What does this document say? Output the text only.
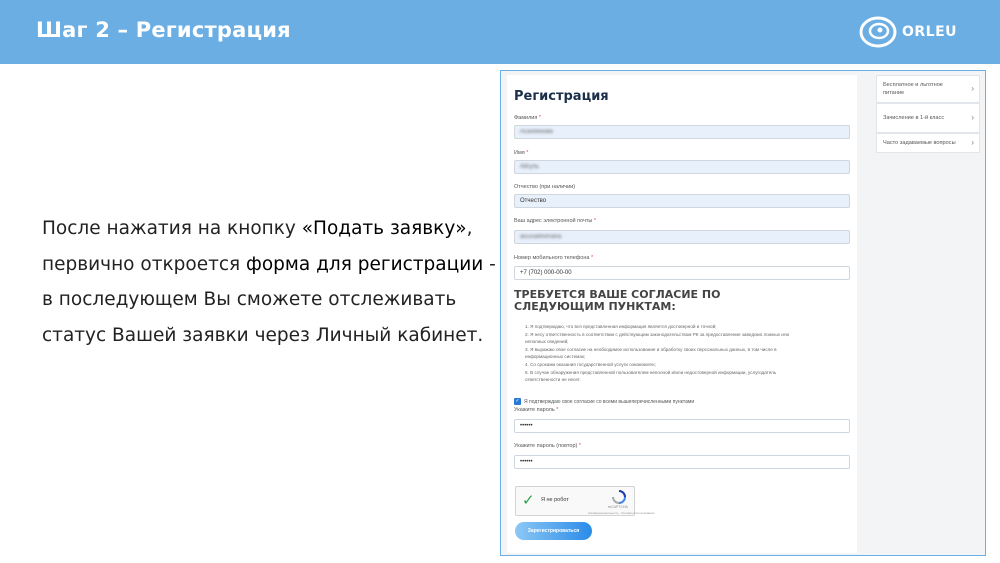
Шаг 2 – Регистрация	ORLEU
После нажатия на кнопку «Подать заявку»,
первично откроется форма для регистрации -
в последующем Вы сможете отслеживать
статус Вашей заявки через Личный кабинет.
Регистрация
Фамилия *
Асанбекова
Имя *
Айгуль
Отчество (при наличии)
Отчество
Ваш адрес электронной почты *
aicusaifinimaria
Номер мобильного телефона *
+7 (702) 000-00-00
ТРЕБУЕТСЯ ВАШЕ СОГЛАСИЕ ПО СЛЕДУЮЩИМ ПУНКТАМ:
1. Я подтверждаю, что вся представленная информация является достоверной и точной;
2. Я несу ответственность в соответствии с действующим законодательством РК за предоставление заведомо ложных или
неполных сведений;
3. Я выражаю свое согласие на необходимое использование и обработку своих персональных данных, в том числе в
информационных системах;
4. Со сроками оказания государственной услуги ознакомлен;
5. В случае обнаружения представленной пользователем неполной и/или недостоверной информации, услугодатель
ответственности не несет.
✓ Я подтверждаю свое согласие со всеми вышеперечисленными пунктами
Укажите пароль *
••••••
Укажите пароль (повтор) *
••••••
✓ Я не робот
reCAPTCHA
Конфиденциальность - Условия использования
Зарегистрироваться
Бесплатное и льготное питание	›
Зачисление в 1-й класс	›
Часто задаваемые вопросы ›
